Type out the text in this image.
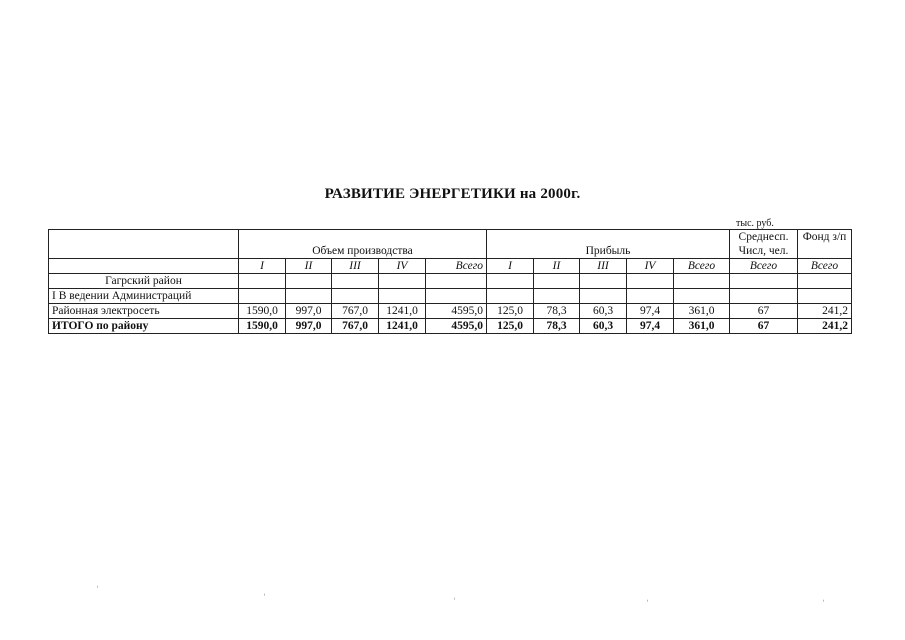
РАЗВИТИЕ ЭНЕРГЕТИКИ на 2000г.
тыс. руб.
	Объем производства					Прибыль					Среднесп. Числ, чел.	Фонд з/п
	I	II	III	IV	Всего	I	II	III	IV	Всего	Всего	Всего
Гагрский район												
I В ведении Администраций												
Районная электросеть	1590,0	997,0	767,0	1241,0	4595,0	125,0	78,3	60,3	97,4	361,0	67	241,2
ИТОГО по району	1590,0	997,0	767,0	1241,0	4595,0	125,0	78,3	60,3	97,4	361,0	67	241,2
ʹ
ʹ	ʹ	ʹ	ʹ
